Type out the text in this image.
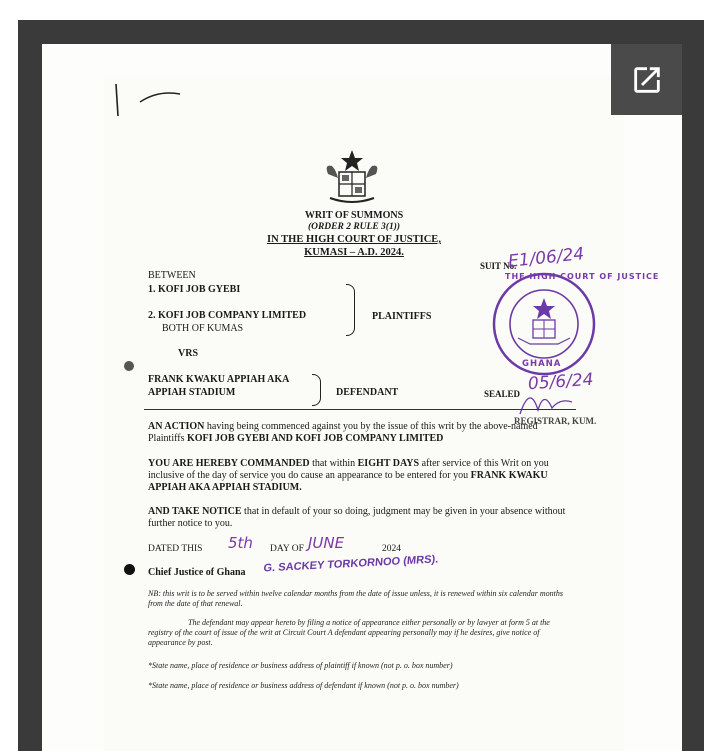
WRIT OF SUMMONS
(ORDER 2 RULE 3(1))
IN THE HIGH COURT OF JUSTICE,
KUMASI – A.D. 2024.
SUIT No.
E1/06/24
BETWEEN
1. KOFI JOB GYEBI
2. KOFI JOB COMPANY LIMITED
BOTH OF KUMAS
PLAINTIFFS
VRS
FRANK KWAKU APPIAH AKA
APPIAH STADIUM	DEFENDANT
THE HIGH COURT OF JUSTICE
GHANA
SEALED 05/6/24
REGISTRAR, KUM.
AN ACTION having being commenced against you by the issue of this writ by the above-named Plaintiffs KOFI JOB GYEBI AND KOFI JOB COMPANY LIMITED
YOU ARE HEREBY COMMANDED that within EIGHT DAYS after service of this Writ on you inclusive of the day of service you do cause an appearance to be entered for you FRANK KWAKU APPIAH AKA APPIAH STADIUM.
AND TAKE NOTICE that in default of your so doing, judgment may be given in your absence without further notice to you.
DATED THIS 5th DAY OF JUNE	2024
Chief Justice of Ghana G. SACKEY TORKORNOO (MRS).
NB: this writ is to be served within twelve calendar months from the date of issue unless, it is renewed within six calendar months from the date of that renewal.
The defendant may appear hereto by filing a notice of appearance either personally or by lawyer at form 5 at the registry of the court of issue of the writ at Circuit Court A defendant appearing personally may if he desires, give notice of appearance by post.
*State name, place of residence or business address of plaintiff if known (not p. o. box number)
*State name, place of residence or business address of defendant if known (not p. o. box number)
